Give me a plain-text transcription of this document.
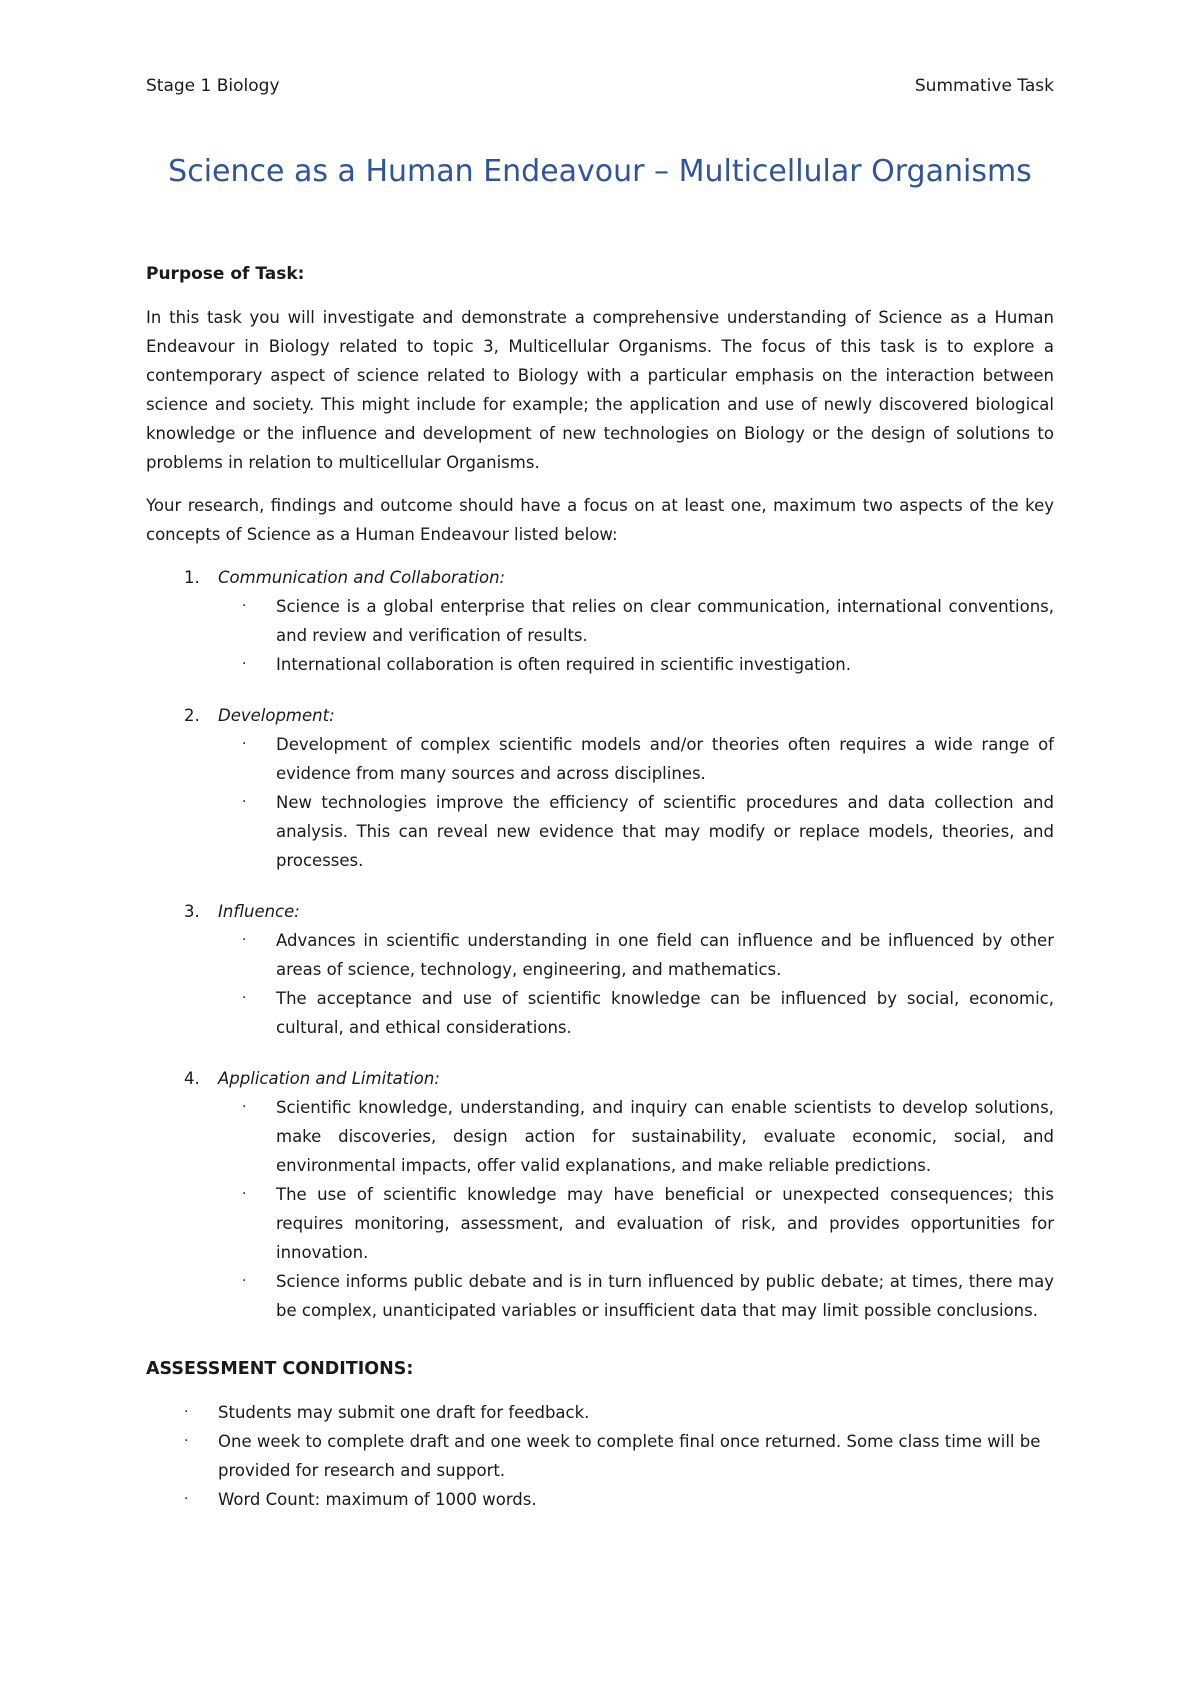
Stage 1 Biology	Summative Task
Science as a Human Endeavour – Multicellular Organisms
Purpose of Task:

In this task you will investigate and demonstrate a comprehensive understanding of Science as a Human Endeavour in Biology related to topic 3, Multicellular Organisms. The focus of this task is to explore a contemporary aspect of science related to Biology with a particular emphasis on the interaction between science and society. This might include for example; the application and use of newly discovered biological knowledge or the influence and development of new technologies on Biology or the design of solutions to problems in relation to multicellular Organisms.

Your research, findings and outcome should have a focus on at least one, maximum two aspects of the key concepts of Science as a Human Endeavour listed below:

1. Communication and Collaboration:
· Science is a global enterprise that relies on clear communication, international conventions, and review and verification of results.
· International collaboration is often required in scientific investigation.
2. Development:
· Development of complex scientific models and/or theories often requires a wide range of evidence from many sources and across disciplines.
· New technologies improve the efficiency of scientific procedures and data collection and analysis. This can reveal new evidence that may modify or replace models, theories, and processes.
3. Influence:
· Advances in scientific understanding in one field can influence and be influenced by other areas of science, technology, engineering, and mathematics.
· The acceptance and use of scientific knowledge can be influenced by social, economic, cultural, and ethical considerations.
4. Application and Limitation:
· Scientific knowledge, understanding, and inquiry can enable scientists to develop solutions, make discoveries, design action for sustainability, evaluate economic, social, and environmental impacts, offer valid explanations, and make reliable predictions.
· The use of scientific knowledge may have beneficial or unexpected consequences; this requires monitoring, assessment, and evaluation of risk, and provides opportunities for innovation.
· Science informs public debate and is in turn influenced by public debate; at times, there may be complex, unanticipated variables or insufficient data that may limit possible conclusions.
ASSESSMENT CONDITIONS:
· Students may submit one draft for feedback.
· One week to complete draft and one week to complete final once returned. Some class time will be provided for research and support.
· Word Count: maximum of 1000 words.
